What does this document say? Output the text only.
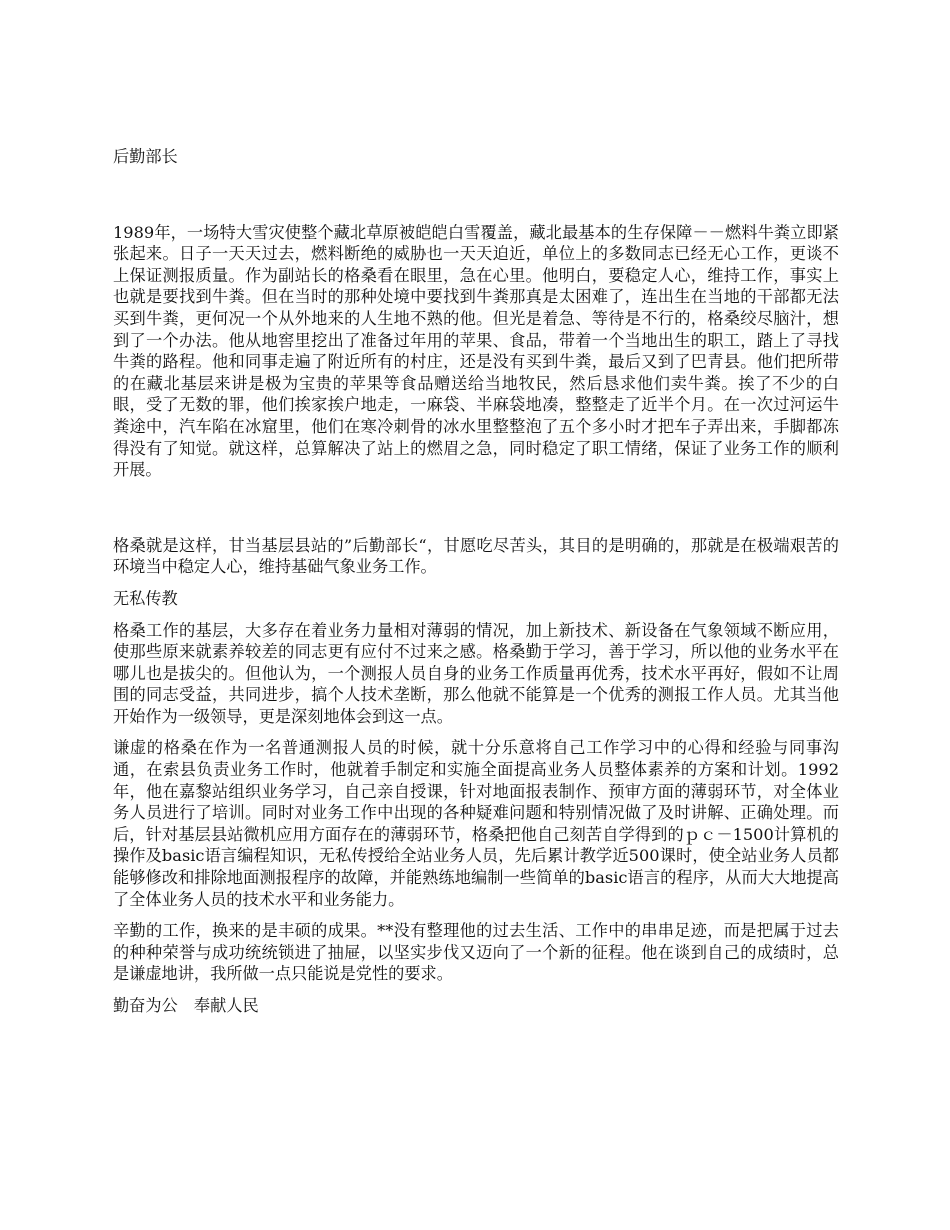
后勤部长

1989年，一场特大雪灾使整个藏北草原被皑皑白雪覆盖，藏北最基本的生存保障－－燃料牛粪立即紧张起来。日子一天天过去，燃料断绝的威胁也一天天迫近，单位上的多数同志已经无心工作，更谈不上保证测报质量。作为副站长的格桑看在眼里，急在心里。他明白，要稳定人心，维持工作，事实上也就是要找到牛粪。但在当时的那种处境中要找到牛粪那真是太困难了，连出生在当地的干部都无法买到牛粪，更何况一个从外地来的人生地不熟的他。但光是着急、等待是不行的，格桑绞尽脑汁，想到了一个办法。他从地窖里挖出了准备过年用的苹果、食品，带着一个当地出生的职工，踏上了寻找牛粪的路程。他和同事走遍了附近所有的村庄，还是没有买到牛粪，最后又到了巴青县。他们把所带的在藏北基层来讲是极为宝贵的苹果等食品赠送给当地牧民，然后恳求他们卖牛粪。挨了不少的白眼，受了无数的罪，他们挨家挨户地走，一麻袋、半麻袋地凑，整整走了近半个月。在一次过河运牛粪途中，汽车陷在冰窟里，他们在寒冷刺骨的冰水里整整泡了五个多小时才把车子弄出来，手脚都冻得没有了知觉。就这样，总算解决了站上的燃眉之急，同时稳定了职工情绪，保证了业务工作的顺利开展。

格桑就是这样，甘当基层县站的”后勤部长“，甘愿吃尽苦头，其目的是明确的，那就是在极端艰苦的环境当中稳定人心，维持基础气象业务工作。

无私传教

格桑工作的基层，大多存在着业务力量相对薄弱的情况，加上新技术、新设备在气象领域不断应用，使那些原来就素养较差的同志更有应付不过来之感。格桑勤于学习，善于学习，所以他的业务水平在哪儿也是拔尖的。但他认为，一个测报人员自身的业务工作质量再优秀，技术水平再好，假如不让周围的同志受益，共同进步，搞个人技术垄断，那么他就不能算是一个优秀的测报工作人员。尤其当他开始作为一级领导，更是深刻地体会到这一点。

谦虚的格桑在作为一名普通测报人员的时候，就十分乐意将自己工作学习中的心得和经验与同事沟通，在索县负责业务工作时，他就着手制定和实施全面提高业务人员整体素养的方案和计划。1992年，他在嘉黎站组织业务学习，自己亲自授课，针对地面报表制作、预审方面的薄弱环节，对全体业务人员进行了培训。同时对业务工作中出现的各种疑难问题和特别情况做了及时讲解、正确处理。而后，针对基层县站微机应用方面存在的薄弱环节，格桑把他自己刻苦自学得到的ｐｃ－1500计算机的操作及basic语言编程知识，无私传授给全站业务人员，先后累计教学近500课时，使全站业务人员都能够修改和排除地面测报程序的故障，并能熟练地编制一些简单的basic语言的程序，从而大大地提高了全体业务人员的技术水平和业务能力。

辛勤的工作，换来的是丰硕的成果。**没有整理他的过去生活、工作中的串串足迹，而是把属于过去的种种荣誉与成功统统锁进了抽屉，以坚实步伐又迈向了一个新的征程。他在谈到自己的成绩时，总是谦虚地讲，我所做一点只能说是党性的要求。

勤奋为公　奉献人民
